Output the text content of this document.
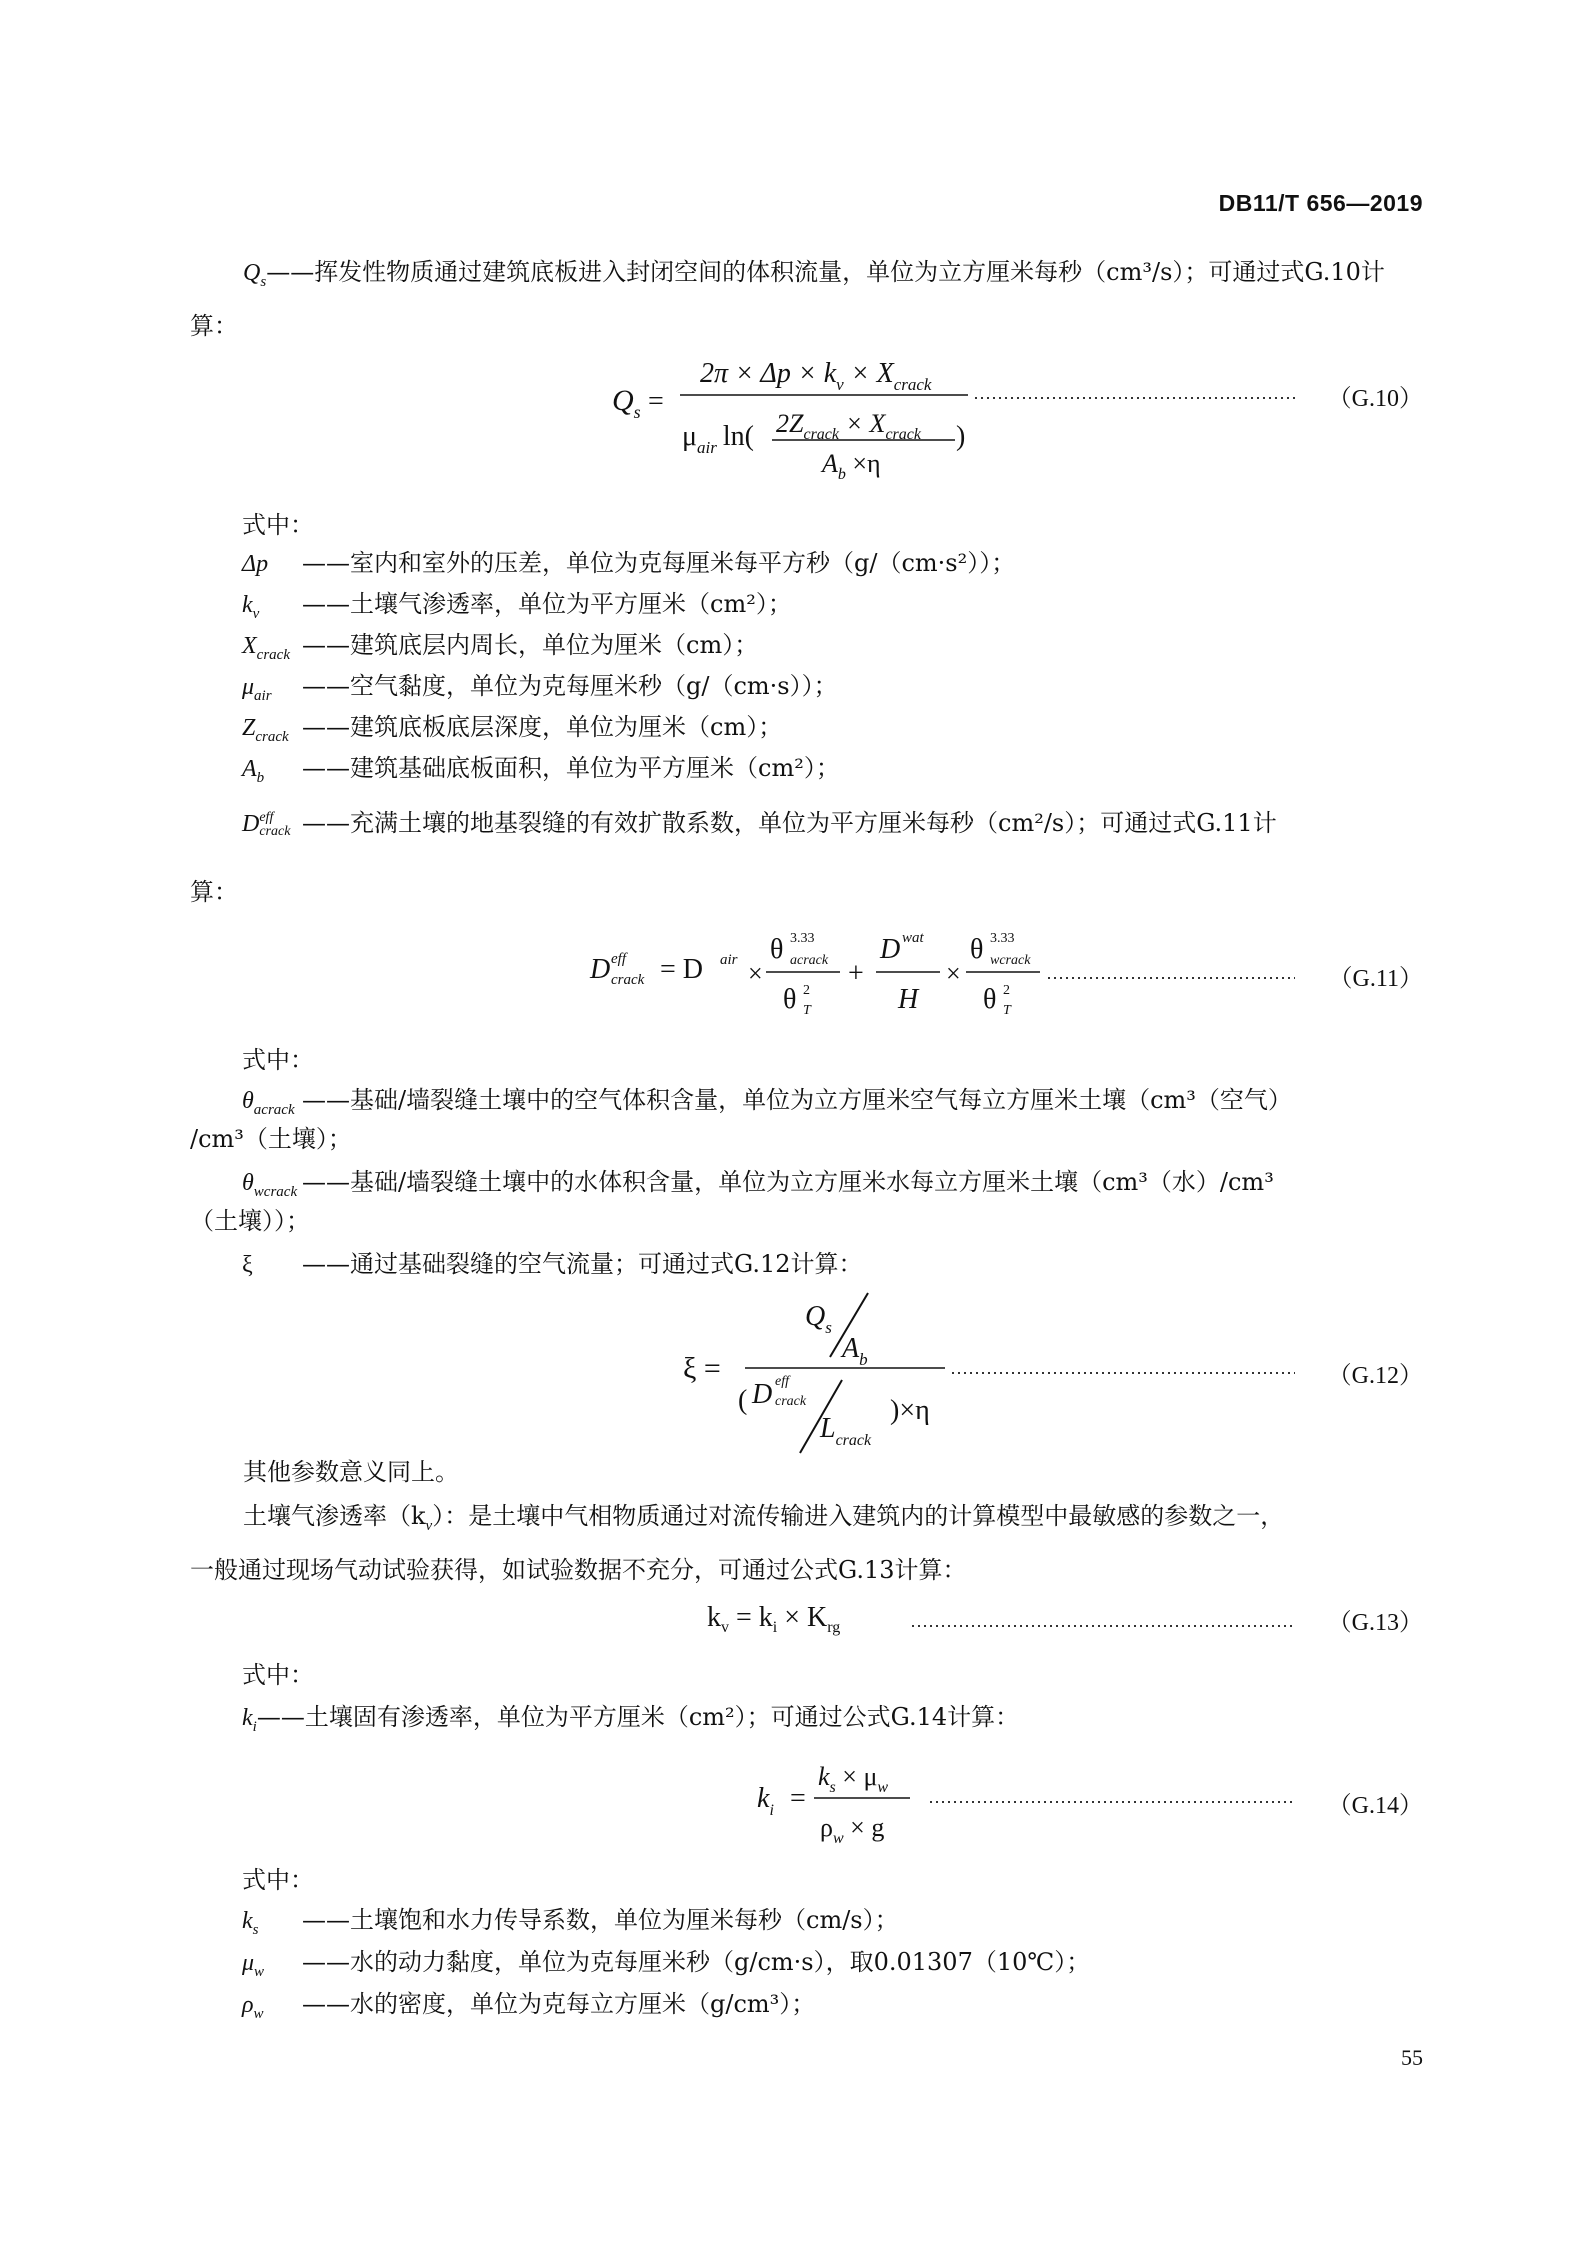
DB11/T 656—2019
$Q_s——$挥发性物质通过建筑底板进入封闭空间的体积流量，单位为立方厘米每秒（cm³/s）；可通过式G.10计算：
$Q_s$ =
$2\pi \times \Delta p \times k_v \times X_{crack}$
$\mu_{air}$ ln( $2Z_{crack} \times X_{crack}$
$A_b \times\eta$
)
（G.10）
式中：
Δp ——室内和室外的压差，单位为克每厘米每平方秒（g/（cm·s²））；
$k_v$ ——土壤气渗透率，单位为平方厘米（cm²）；
$X_{crack}$ ——建筑底层内周长，单位为厘米（cm）；
$\mu_{air}$ ——空气黏度，单位为克每厘米秒（g/（cm·s））；
$Z_{crack}$ ——建筑底板底层深度，单位为厘米（cm）；
$A_b$ ——建筑基础底板面积，单位为平方厘米（cm²）；
D eff
crack ——充满土壤的地基裂缝的有效扩散系数，单位为平方厘米每秒（cm²/s）；可通过式G.11计
算：
D eff
crack = D air ×
θ 3.33
acrack
θ 2
T
+
D wat
H
×
θ 3.33
wcrack
θ 2
T
（G.11）
式中：
$\theta_{acrack}$ ——基础/墙裂缝土壤中的空气体积含量，单位为立方厘米空气每立方厘米土壤（cm³（空气）
/cm³（土壤）；
$\theta_{wcrack}$ ——基础/墙裂缝土壤中的水体积含量，单位为立方厘米水每立方厘米土壤（cm³（水）/cm³
（土壤））；
ξ ——通过基础裂缝的空气流量；可通过式G.12计算：
ξ =
$Q_s$
$A_b$
( D eff
crack
$L_{crack}$
)×η
（G.12）
其他参数意义同上。
土壤气渗透率$(k_v)$：是土壤中气相物质通过对流传输进入建筑内的计算模型中最敏感的参数之一，
一般通过现场气动试验获得，如试验数据不充分，可通过公式G.13计算：
$k_v = k_i \times K_{rg}$	（G.13）
式中：
$k_i——$土壤固有渗透率，单位为平方厘米（cm²）；可通过公式G.14计算：
$k_i$ =
$k_s \times \mu_w$
$\rho_w \times g$
（G.14）
式中：
$k_s$ ——土壤饱和水力传导系数，单位为厘米每秒（cm/s）；
$\mu_w$ ——水的动力黏度，单位为克每厘米秒（g/cm·s），取0.01307（10℃）；
$\rho_w$ ——水的密度，单位为克每立方厘米（g/cm³）；
55
